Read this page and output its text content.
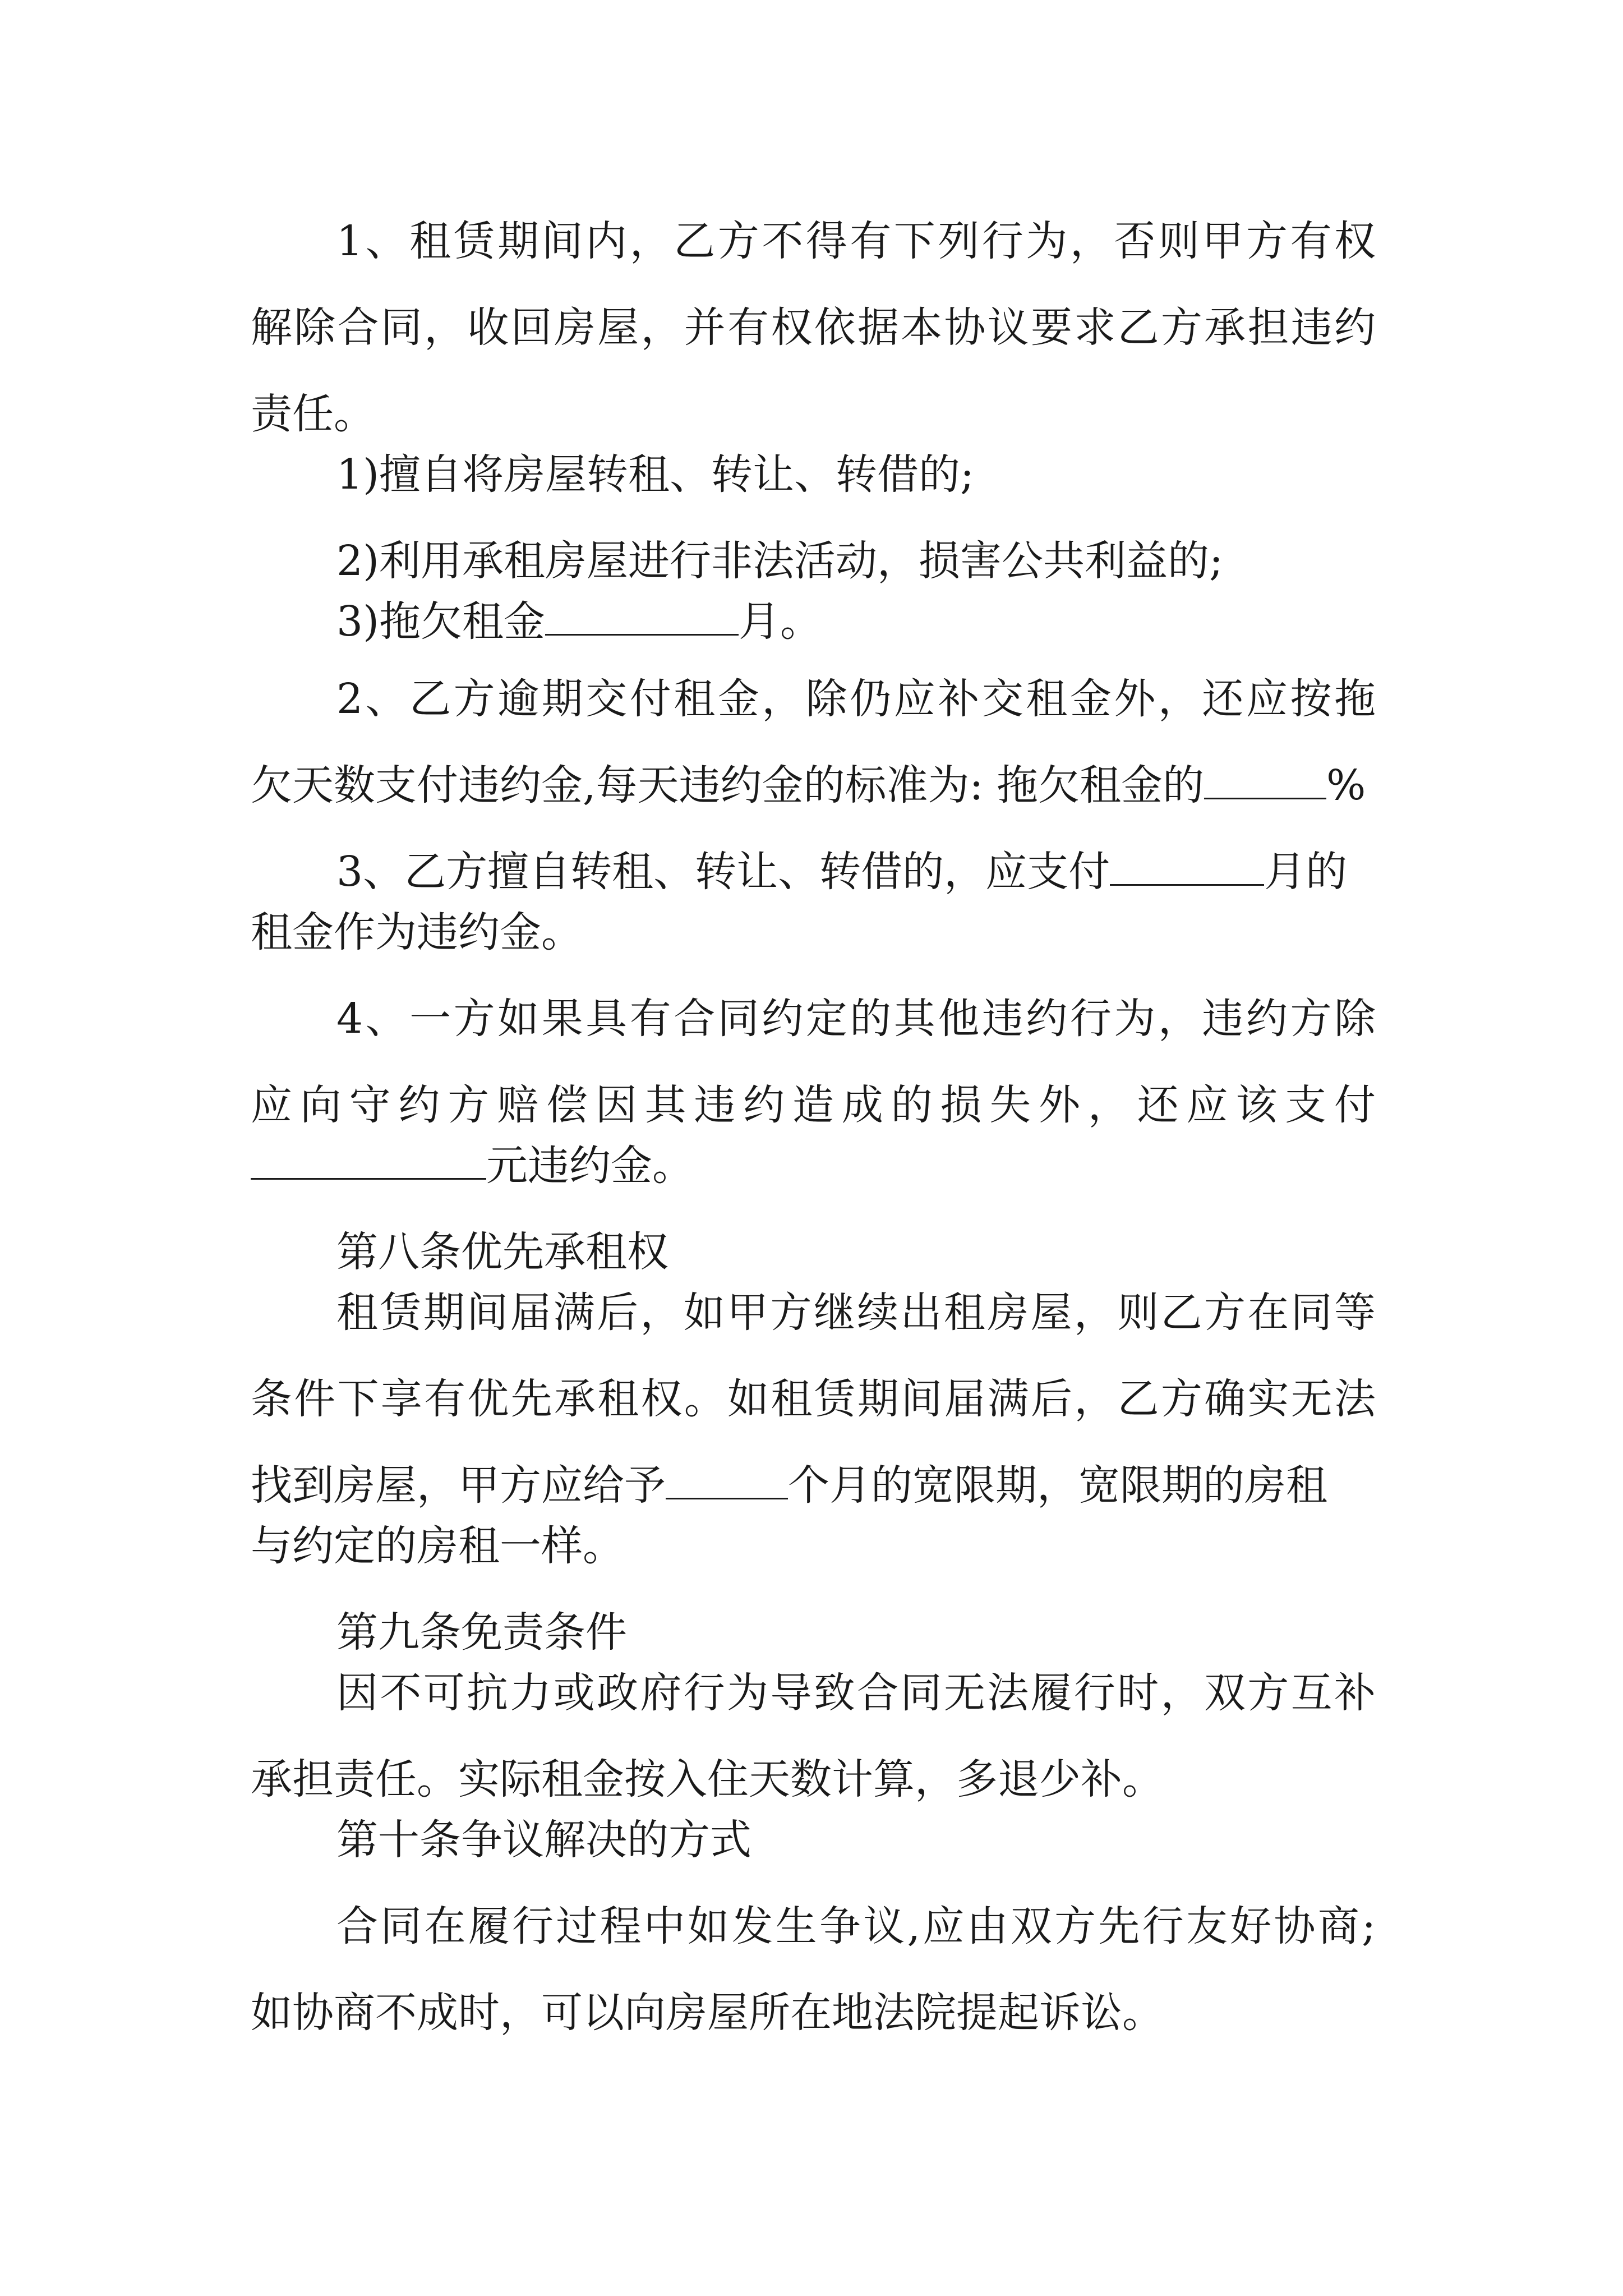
1、租赁期间内，乙方不得有下列行为，否则甲方有权

解除合同，收回房屋，并有权依据本协议要求乙方承担违约

责任。

1)擅自将房屋转租、转让、转借的;

2)利用承租房屋进行非法活动，损害公共利益的;

3)拖欠租金	月。

2、乙方逾期交付租金，除仍应补交租金外，还应按拖

欠天数支付违约金,每天违约金的标准为: 拖欠租金的	%

3、乙方擅自转租、转让、转借的，应支付	月的

租金作为违约金。

4、一方如果具有合同约定的其他违约行为，违约方除

应向守约方赔偿因其违约造成的损失外，还应该支付

元违约金。

第八条优先承租权

租赁期间届满后，如甲方继续出租房屋，则乙方在同等

条件下享有优先承租权。如租赁期间届满后，乙方确实无法

找到房屋，甲方应给予	个月的宽限期，宽限期的房租

与约定的房租一样。

第九条免责条件

因不可抗力或政府行为导致合同无法履行时，双方互补

承担责任。实际租金按入住天数计算，多退少补。

第十条争议解决的方式

合同在履行过程中如发生争议,应由双方先行友好协商;

如协商不成时，可以向房屋所在地法院提起诉讼。
